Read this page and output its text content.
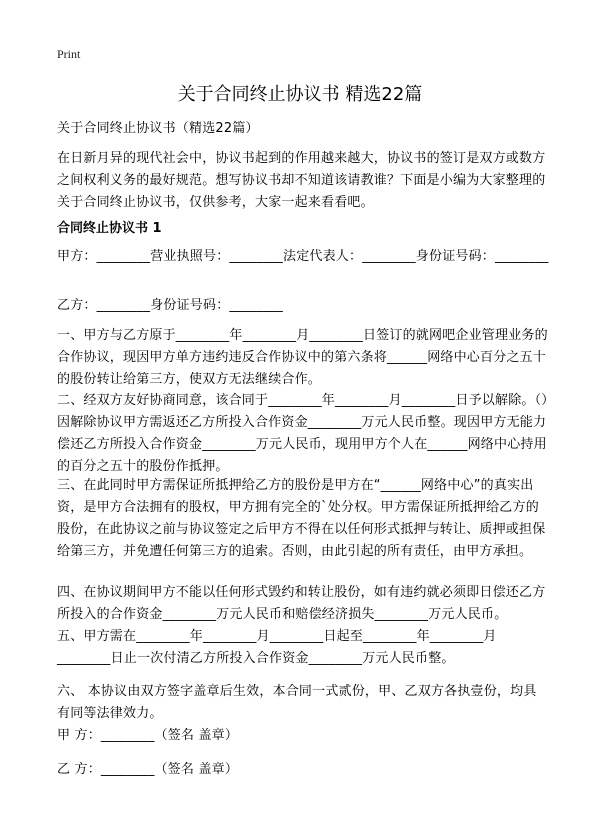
Print
关于合同终止协议书 精选22篇

关于合同终止协议书（精选22篇）

在日新月异的现代社会中，协议书起到的作用越来越大，协议书的签订是双方或数方之间权利义务的最好规范。想写协议书却不知道该请教谁？下面是小编为大家整理的关于合同终止协议书，仅供参考，大家一起来看看吧。

合同终止协议书 1

甲方：________营业执照号：________法定代表人：________身份证号码：________

乙方：________身份证号码：________

一、甲方与乙方原于________年________月________日签订的就网吧企业管理业务的合作协议，现因甲方单方违约违反合作协议中的第六条将______网络中心百分之五十的股份转让给第三方，使双方无法继续合作。

二、经双方友好协商同意，该合同于________年________月________日予以解除。（）因解除协议甲方需返还乙方所投入合作资金________万元人民币整。现因甲方无能力偿还乙方所投入合作资金________万元人民币，现用甲方个人在______网络中心持用的百分之五十的股份作抵押。

三、在此同时甲方需保证所抵押给乙方的股份是甲方在“______网络中心”的真实出资，是甲方合法拥有的股权，甲方拥有完全的`处分权。甲方需保证所抵押给乙方的股份，在此协议之前与协议签定之后甲方不得在以任何形式抵押与转让、质押或担保给第三方，并免遭任何第三方的追索。否则，由此引起的所有责任，由甲方承担。

四、在协议期间甲方不能以任何形式毁约和转让股份，如有违约就必须即日偿还乙方所投入的合作资金________万元人民币和赔偿经济损失________万元人民币。

五、甲方需在________年________月________日起至________年________月________日止一次付清乙方所投入合作资金________万元人民币整。

六、 本协议由双方签字盖章后生效，本合同一式贰份，甲、乙双方各执壹份，均具有同等法律效力。

甲 方：________（签名 盖章）

乙 方：________（签名 盖章）
